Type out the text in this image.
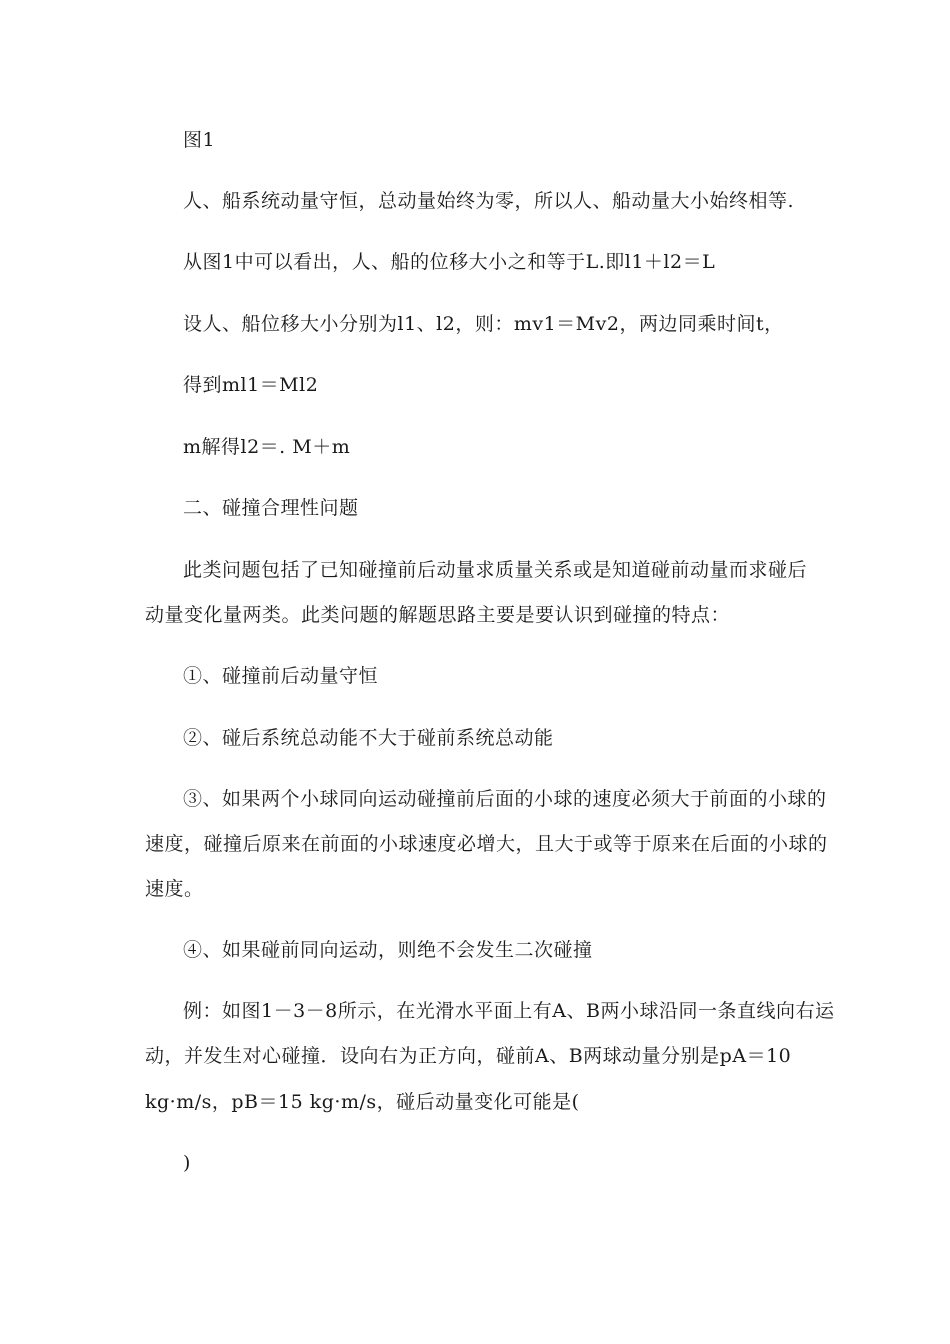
图1
人、船系统动量守恒，总动量始终为零，所以人、船动量大小始终相等.
从图1中可以看出，人、船的位移大小之和等于L.即l1＋l2＝L
设人、船位移大小分别为l1、l2，则：mv1＝Mv2，两边同乘时间t，
得到ml1＝Ml2
m解得l2＝. M＋m
二、碰撞合理性问题
此类问题包括了已知碰撞前后动量求质量关系或是知道碰前动量而求碰后
动量变化量两类。此类问题的解题思路主要是要认识到碰撞的特点：
①、碰撞前后动量守恒
②、碰后系统总动能不大于碰前系统总动能
③、如果两个小球同向运动碰撞前后面的小球的速度必须大于前面的小球的
速度，碰撞后原来在前面的小球速度必增大，且大于或等于原来在后面的小球的
速度。
④、如果碰前同向运动，则绝不会发生二次碰撞
例：如图1－3－8所示，在光滑水平面上有A、B两小球沿同一条直线向右运
动，并发生对心碰撞．设向右为正方向，碰前A、B两球动量分别是pA＝10
kg·m/s，pB＝15 kg·m/s，碰后动量变化可能是(
)
